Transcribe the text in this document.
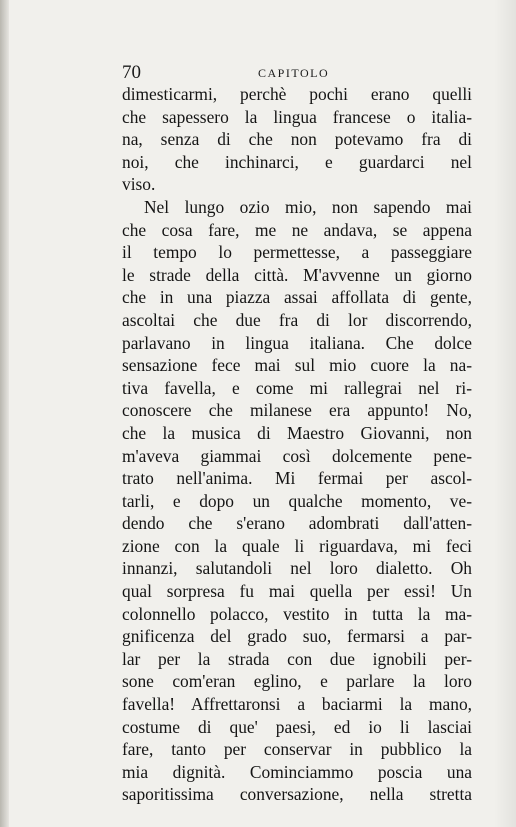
70	CAPITOLO
dimesticarmi, perchè pochi erano quelli
che sapessero la lingua francese o italia-
na, senza di che non potevamo fra di
noi, che inchinarci, e guardarci nel
viso.
Nel lungo ozio mio, non sapendo mai
che cosa fare, me ne andava, se appena
il tempo lo permettesse, a passeggiare
le strade della città. M'avvenne un giorno
che in una piazza assai affollata di gente,
ascoltai che due fra di lor discorrendo,
parlavano in lingua italiana. Che dolce
sensazione fece mai sul mio cuore la na-
tiva favella, e come mi rallegrai nel ri-
conoscere che milanese era appunto! No,
che la musica di Maestro Giovanni, non
m'aveva giammai così dolcemente pene-
trato nell'anima. Mi fermai per ascol-
tarli, e dopo un qualche momento, ve-
dendo che s'erano adombrati dall'atten-
zione con la quale li riguardava, mi feci
innanzi, salutandoli nel loro dialetto. Oh
qual sorpresa fu mai quella per essi! Un
colonnello polacco, vestito in tutta la ma-
gnificenza del grado suo, fermarsi a par-
lar per la strada con due ignobili per-
sone com'eran eglino, e parlare la loro
favella! Affrettaronsi a baciarmi la mano,
costume di que' paesi, ed io li lasciai
fare, tanto per conservar in pubblico la
mia dignità. Cominciammo poscia una
saporitissima conversazione, nella stretta
